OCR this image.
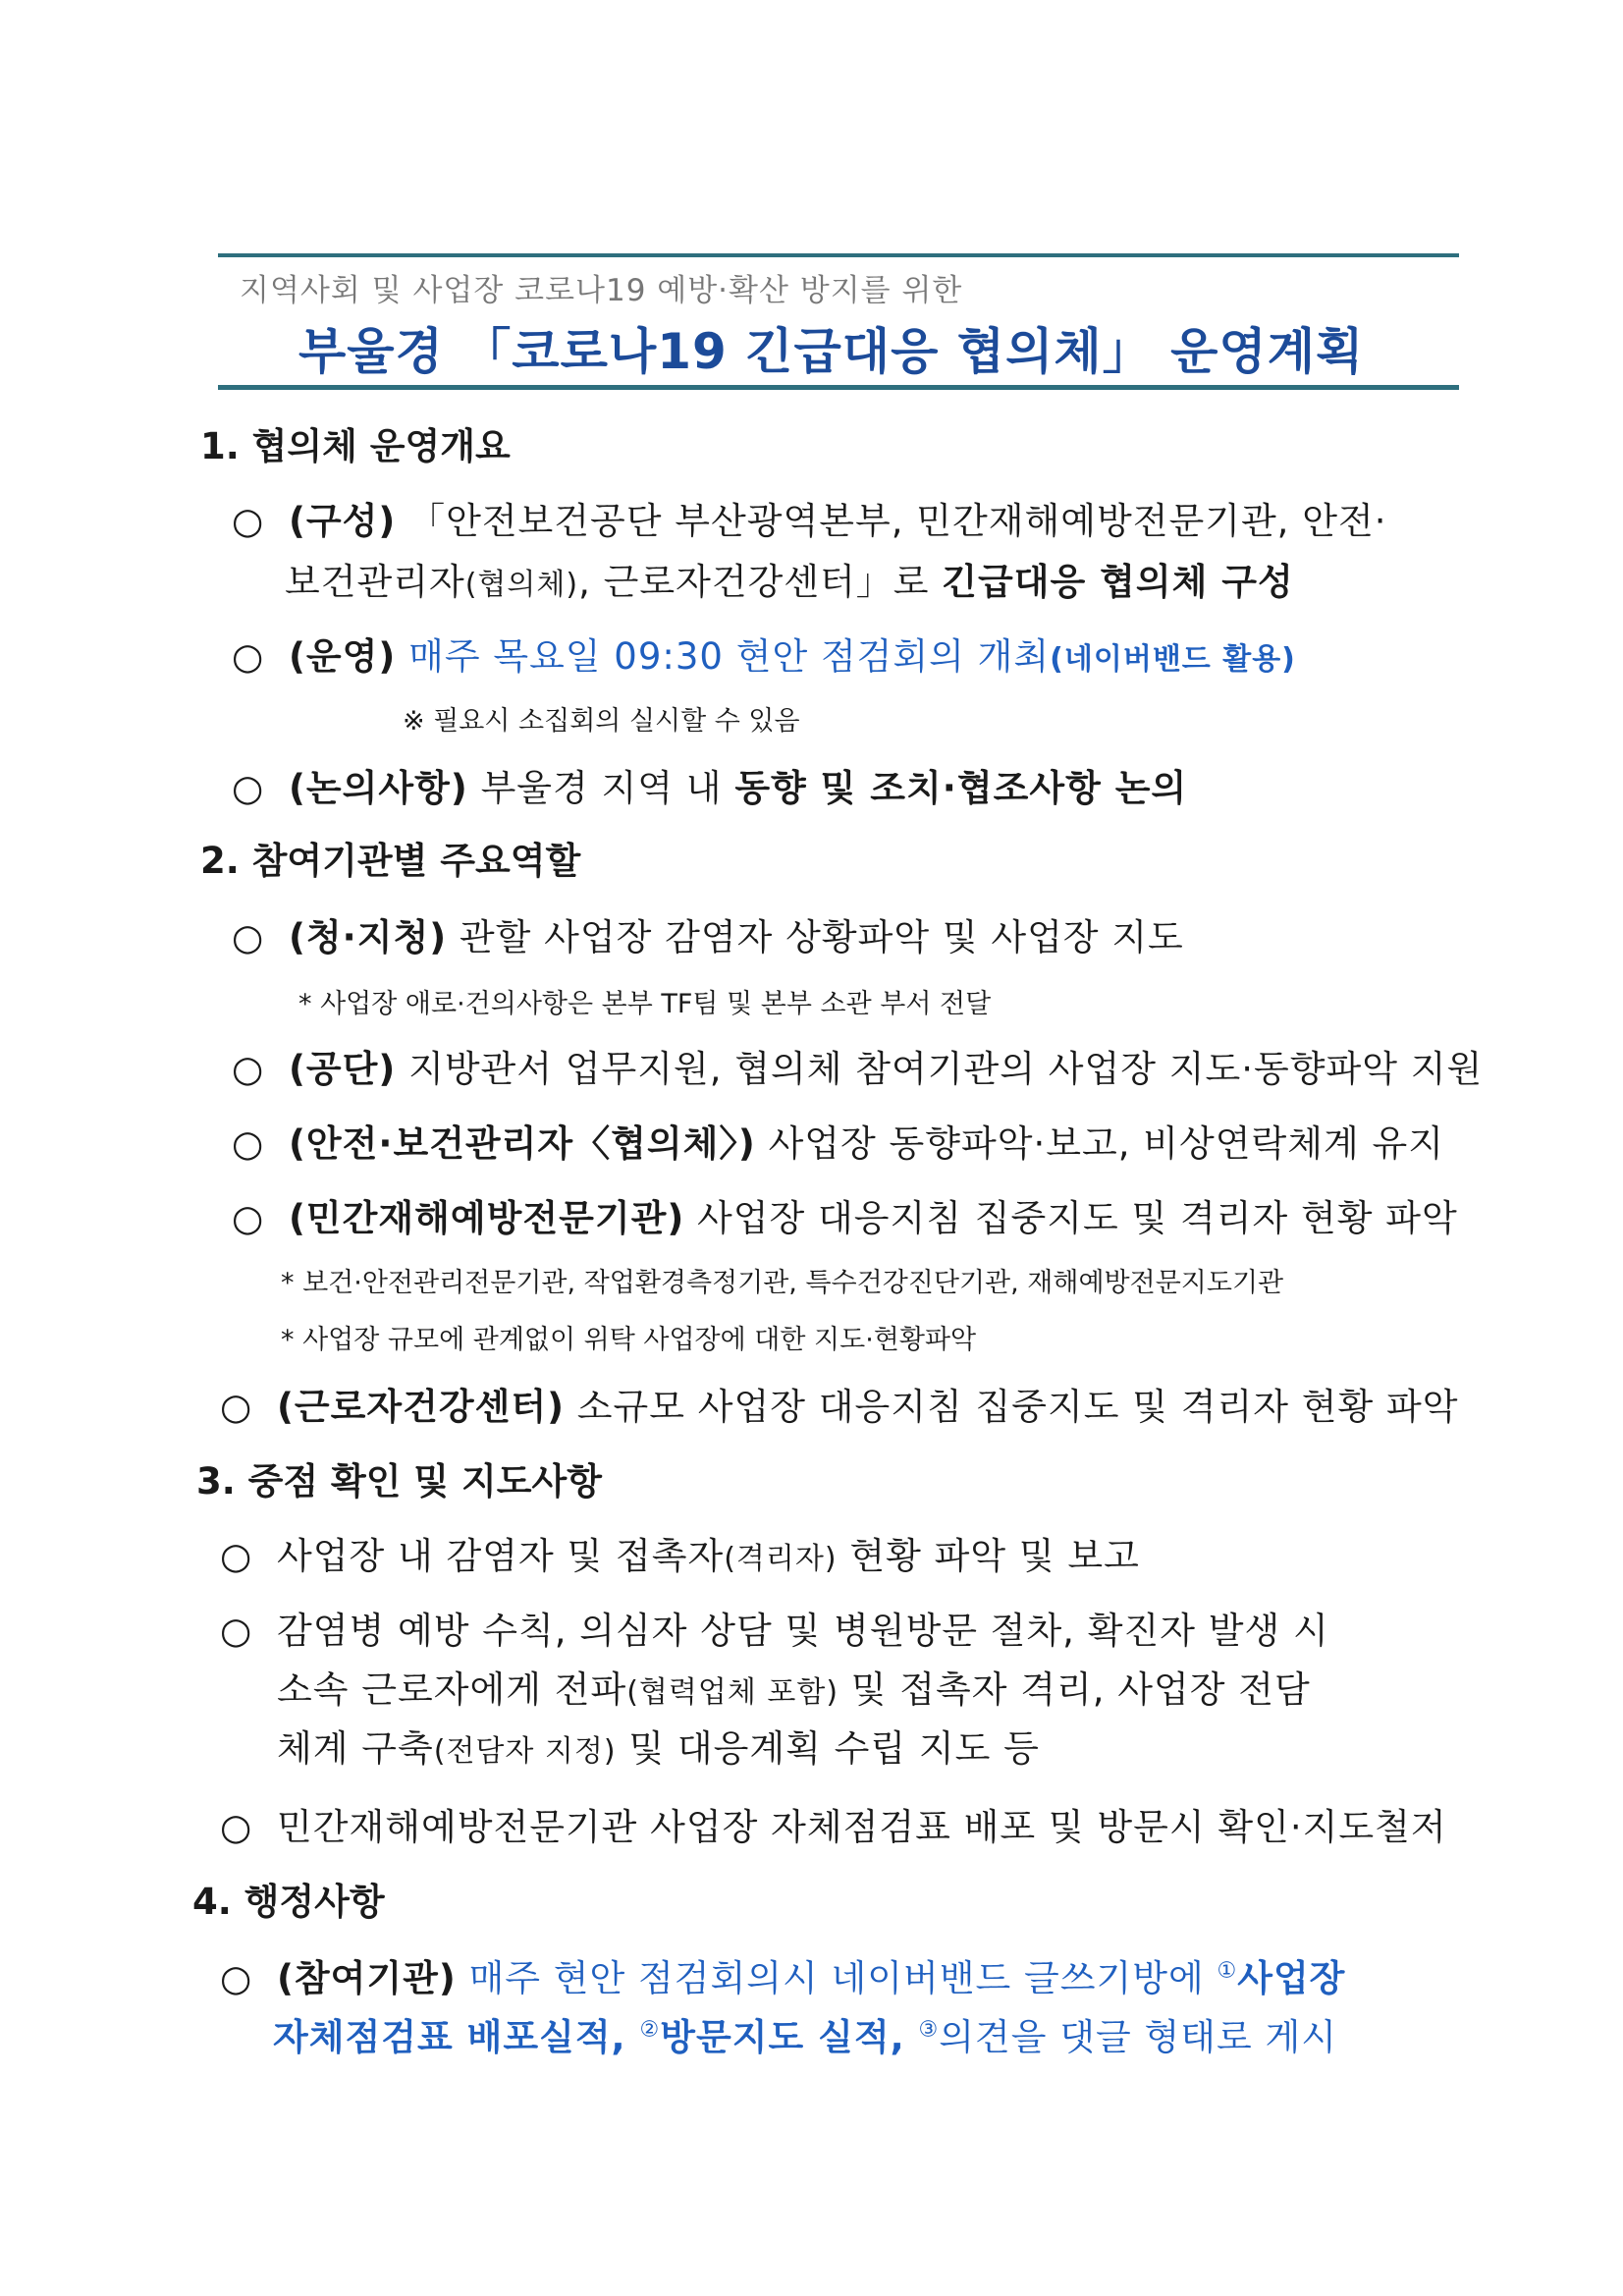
지역사회 및 사업장 코로나19 예방·확산 방지를 위한
부울경 「코로나19 긴급대응 협의체」 운영계획
1. 협의체 운영개요
○ (구성) 「안전보건공단 부산광역본부, 민간재해예방전문기관, 안전·
보건관리자(협의체), 근로자건강센터」로 긴급대응 협의체 구성
○ (운영) 매주 목요일 09:30 현안 점검회의 개최(네이버밴드 활용)
※ 필요시 소집회의 실시할 수 있음
○ (논의사항) 부울경 지역 내 동향 및 조치·협조사항 논의
2. 참여기관별 주요역할
○ (청·지청) 관할 사업장 감염자 상황파악 및 사업장 지도
* 사업장 애로·건의사항은 본부 TF팀 및 본부 소관 부서 전달
○ (공단) 지방관서 업무지원, 협의체 참여기관의 사업장 지도·동향파악 지원
○ (안전·보건관리자〈협의체〉) 사업장 동향파악·보고, 비상연락체계 유지
○ (민간재해예방전문기관) 사업장 대응지침 집중지도 및 격리자 현황 파악
* 보건·안전관리전문기관, 작업환경측정기관, 특수건강진단기관, 재해예방전문지도기관
* 사업장 규모에 관계없이 위탁 사업장에 대한 지도·현황파악
○ (근로자건강센터) 소규모 사업장 대응지침 집중지도 및 격리자 현황 파악
3. 중점 확인 및 지도사항
○ 사업장 내 감염자 및 접촉자(격리자) 현황 파악 및 보고
○ 감염병 예방 수칙, 의심자 상담 및 병원방문 절차, 확진자 발생 시
소속 근로자에게 전파(협력업체 포함) 및 접촉자 격리, 사업장 전담
체계 구축(전담자 지정) 및 대응계획 수립 지도 등
○ 민간재해예방전문기관 사업장 자체점검표 배포 및 방문시 확인·지도철저
4. 행정사항
○ (참여기관) 매주 현안 점검회의시 네이버밴드 글쓰기방에 ①사업장
자체점검표 배포실적, ②방문지도 실적, ③의견을 댓글 형태로 게시
